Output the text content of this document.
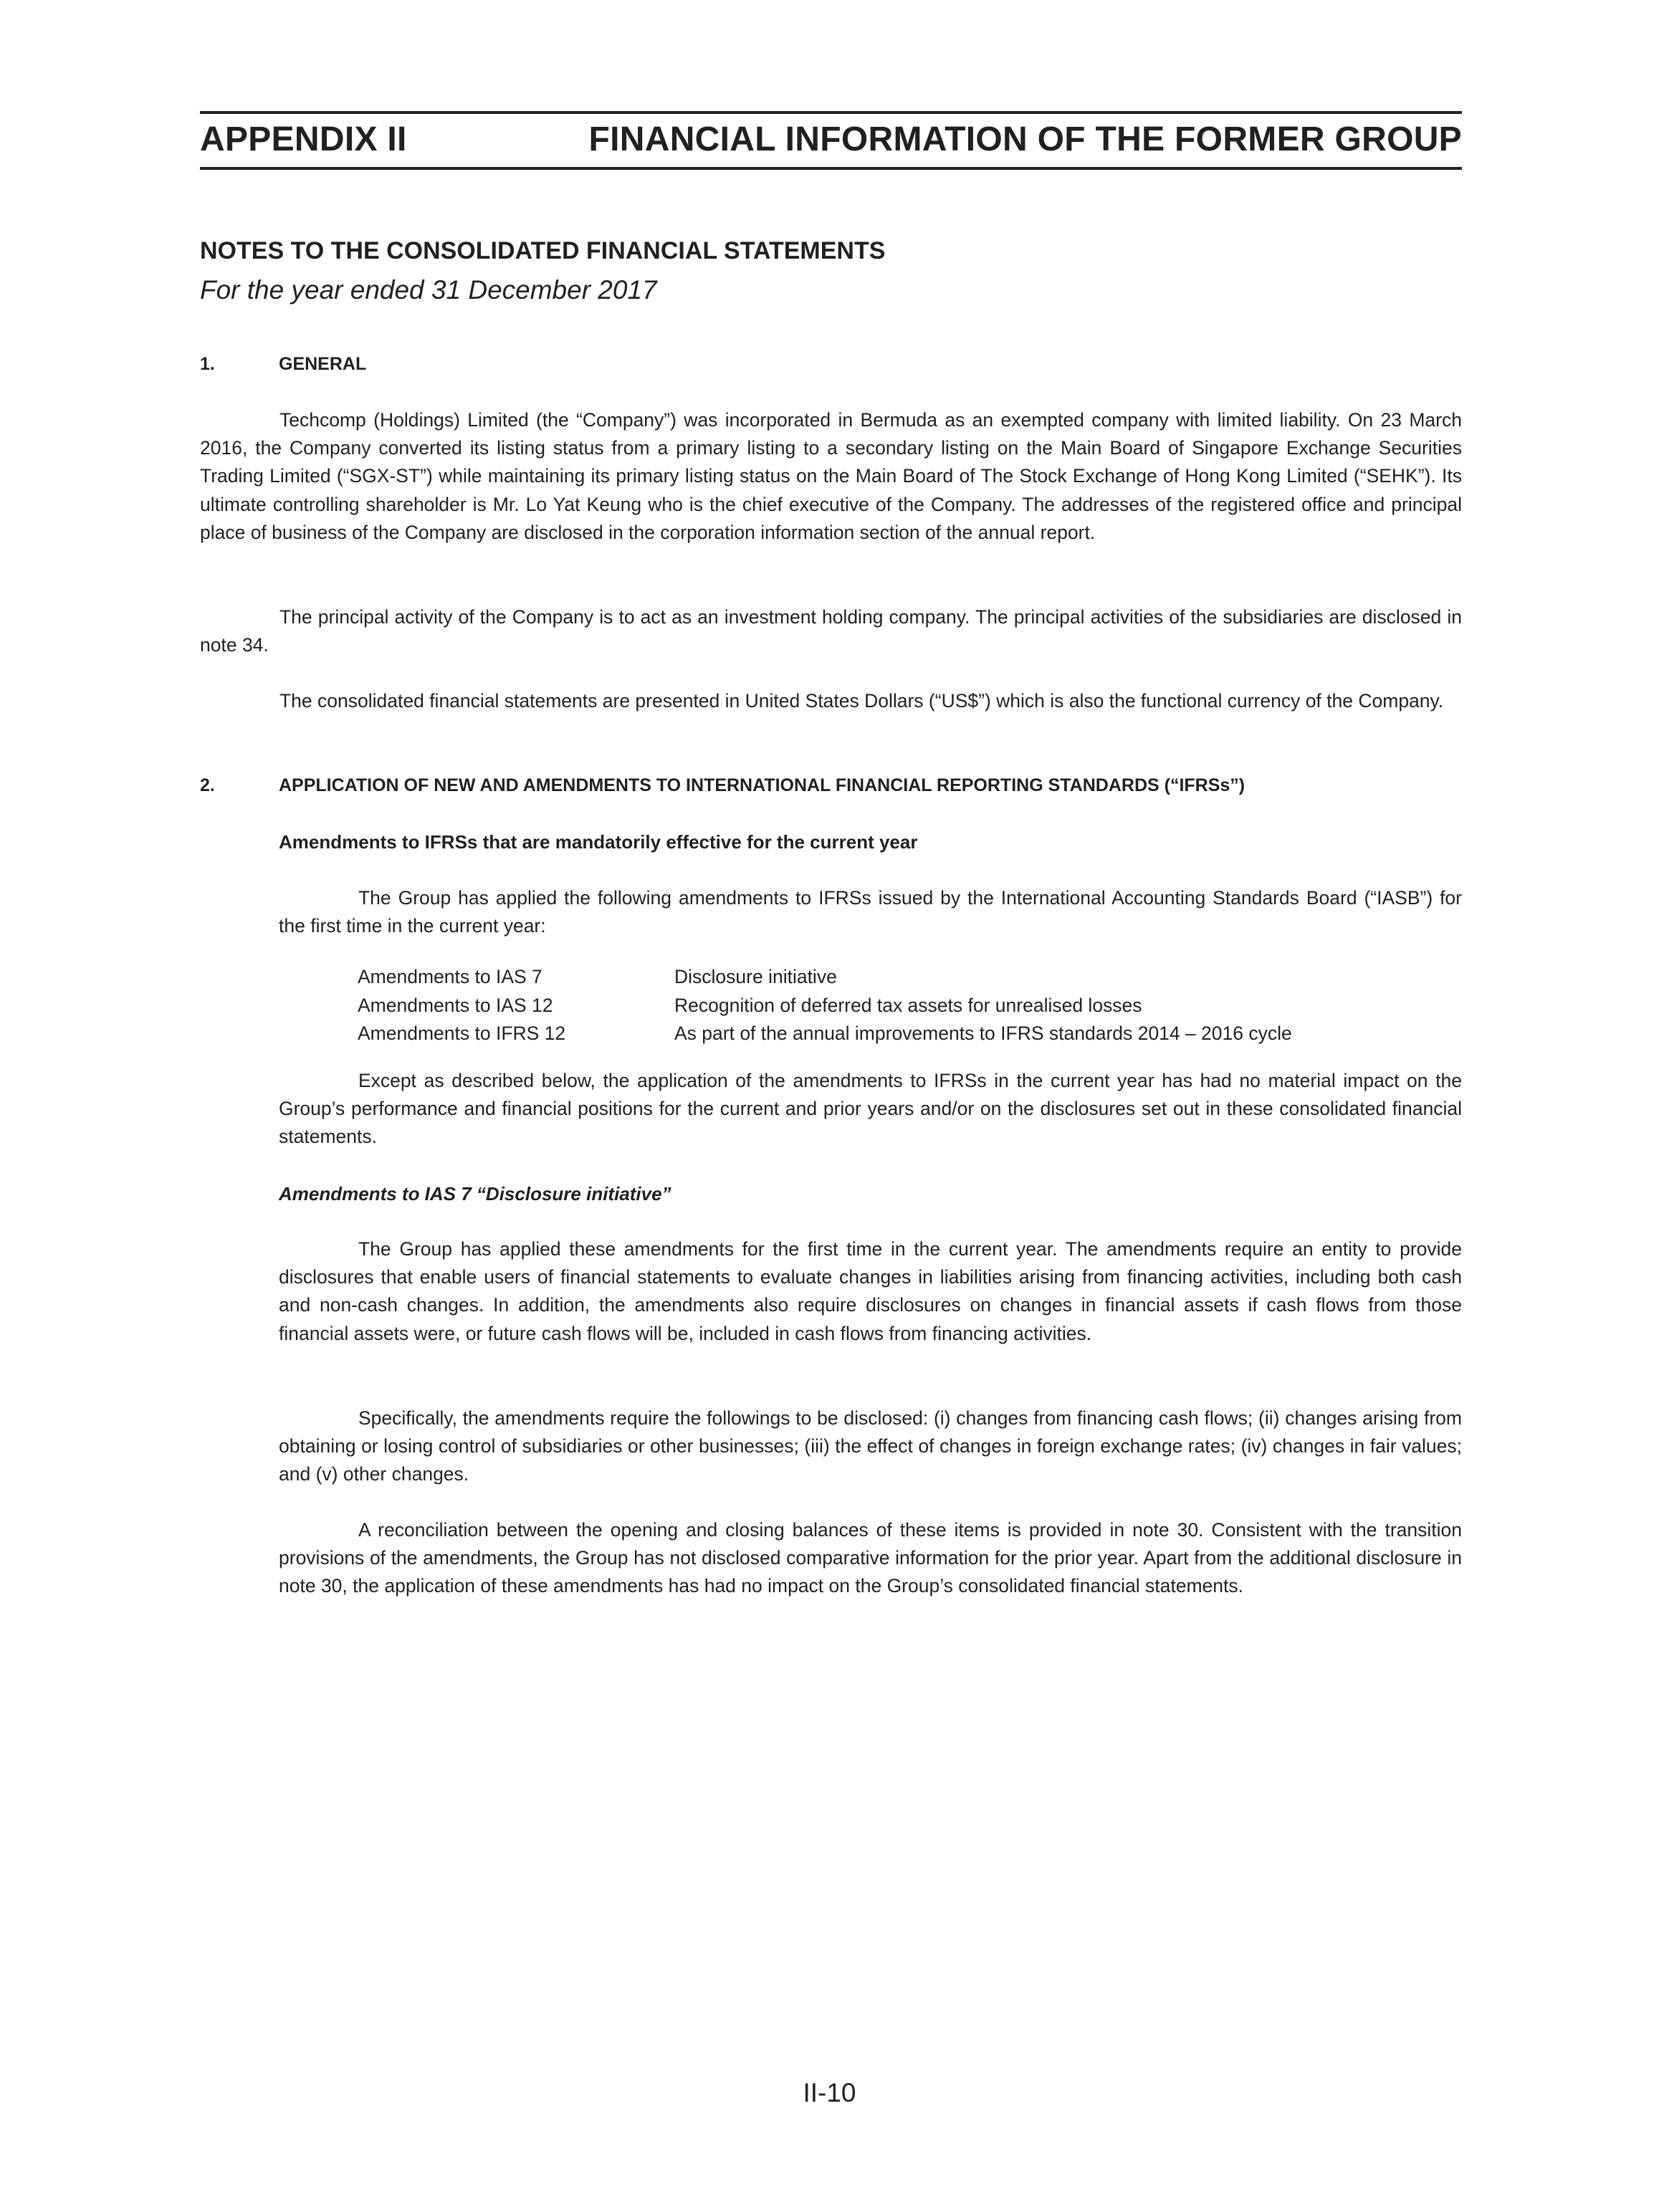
APPENDIX II	FINANCIAL INFORMATION OF THE FORMER GROUP
NOTES TO THE CONSOLIDATED FINANCIAL STATEMENTS
For the year ended 31 December 2017
1.	GENERAL

Techcomp (Holdings) Limited (the “Company”) was incorporated in Bermuda as an exempted company with limited liability. On 23 March 2016, the Company converted its listing status from a primary listing to a secondary listing on the Main Board of Singapore Exchange Securities Trading Limited (“SGX-ST”) while maintaining its primary listing status on the Main Board of The Stock Exchange of Hong Kong Limited (“SEHK”). Its ultimate controlling shareholder is Mr. Lo Yat Keung who is the chief executive of the Company. The addresses of the registered office and principal place of business of the Company are disclosed in the corporation information section of the annual report.

The principal activity of the Company is to act as an investment holding company. The principal activities of the subsidiaries are disclosed in note 34.

The consolidated financial statements are presented in United States Dollars (“US$”) which is also the functional currency of the Company.

2.	APPLICATION OF NEW AND AMENDMENTS TO INTERNATIONAL FINANCIAL REPORTING STANDARDS (“IFRSs”)
Amendments to IFRSs that are mandatorily effective for the current year

The Group has applied the following amendments to IFRSs issued by the International Accounting Standards Board (“IASB”) for the first time in the current year:

Amendments to IAS 7	Disclosure initiative
Amendments to IAS 12	Recognition of deferred tax assets for unrealised losses
Amendments to IFRS 12	As part of the annual improvements to IFRS standards 2014 – 2016 cycle

Except as described below, the application of the amendments to IFRSs in the current year has had no material impact on the Group’s performance and financial positions for the current and prior years and/or on the disclosures set out in these consolidated financial statements.

Amendments to IAS 7 “Disclosure initiative”

The Group has applied these amendments for the first time in the current year. The amendments require an entity to provide disclosures that enable users of financial statements to evaluate changes in liabilities arising from financing activities, including both cash and non-cash changes. In addition, the amendments also require disclosures on changes in financial assets if cash flows from those financial assets were, or future cash flows will be, included in cash flows from financing activities.

Specifically, the amendments require the followings to be disclosed: (i) changes from financing cash flows; (ii) changes arising from obtaining or losing control of subsidiaries or other businesses; (iii) the effect of changes in foreign exchange rates; (iv) changes in fair values; and (v) other changes.

A reconciliation between the opening and closing balances of these items is provided in note 30. Consistent with the transition provisions of the amendments, the Group has not disclosed comparative information for the prior year. Apart from the additional disclosure in note 30, the application of these amendments has had no impact on the Group’s consolidated financial statements.

II-10
